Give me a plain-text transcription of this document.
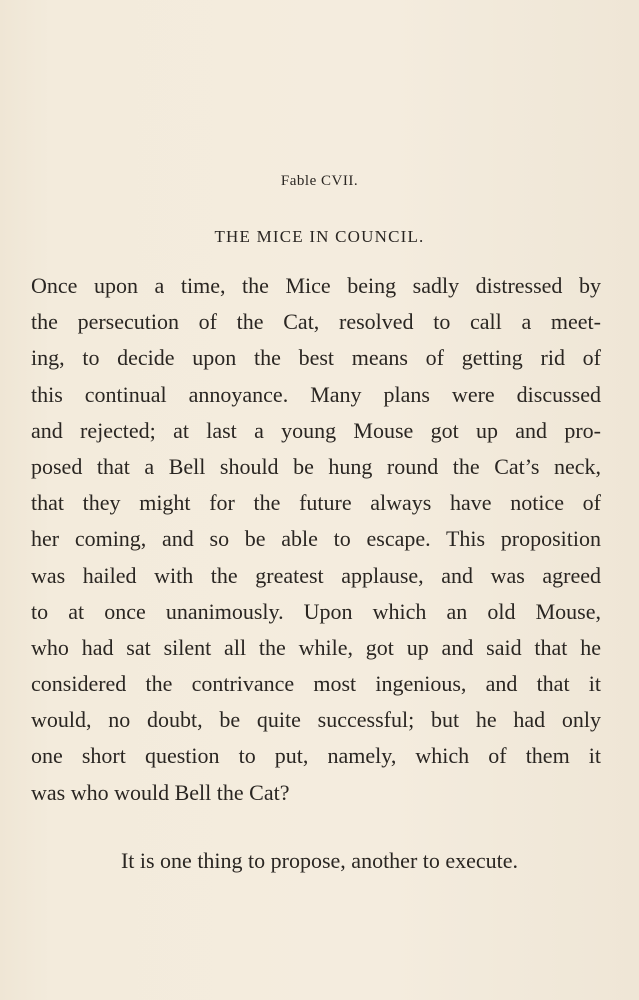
Fable CVII.
THE MICE IN COUNCIL.
Once upon a time, the Mice being sadly distressed by
the persecution of the Cat, resolved to call a meet-
ing, to decide upon the best means of getting rid of
this continual annoyance. Many plans were discussed
and rejected; at last a young Mouse got up and pro-
posed that a Bell should be hung round the Cat’s neck,
that they might for the future always have notice of
her coming, and so be able to escape. This proposition
was hailed with the greatest applause, and was agreed
to at once unanimously. Upon which an old Mouse,
who had sat silent all the while, got up and said that he
considered the contrivance most ingenious, and that it
would, no doubt, be quite successful; but he had only
one short question to put, namely, which of them it
was who would Bell the Cat?
It is one thing to propose, another to execute.
